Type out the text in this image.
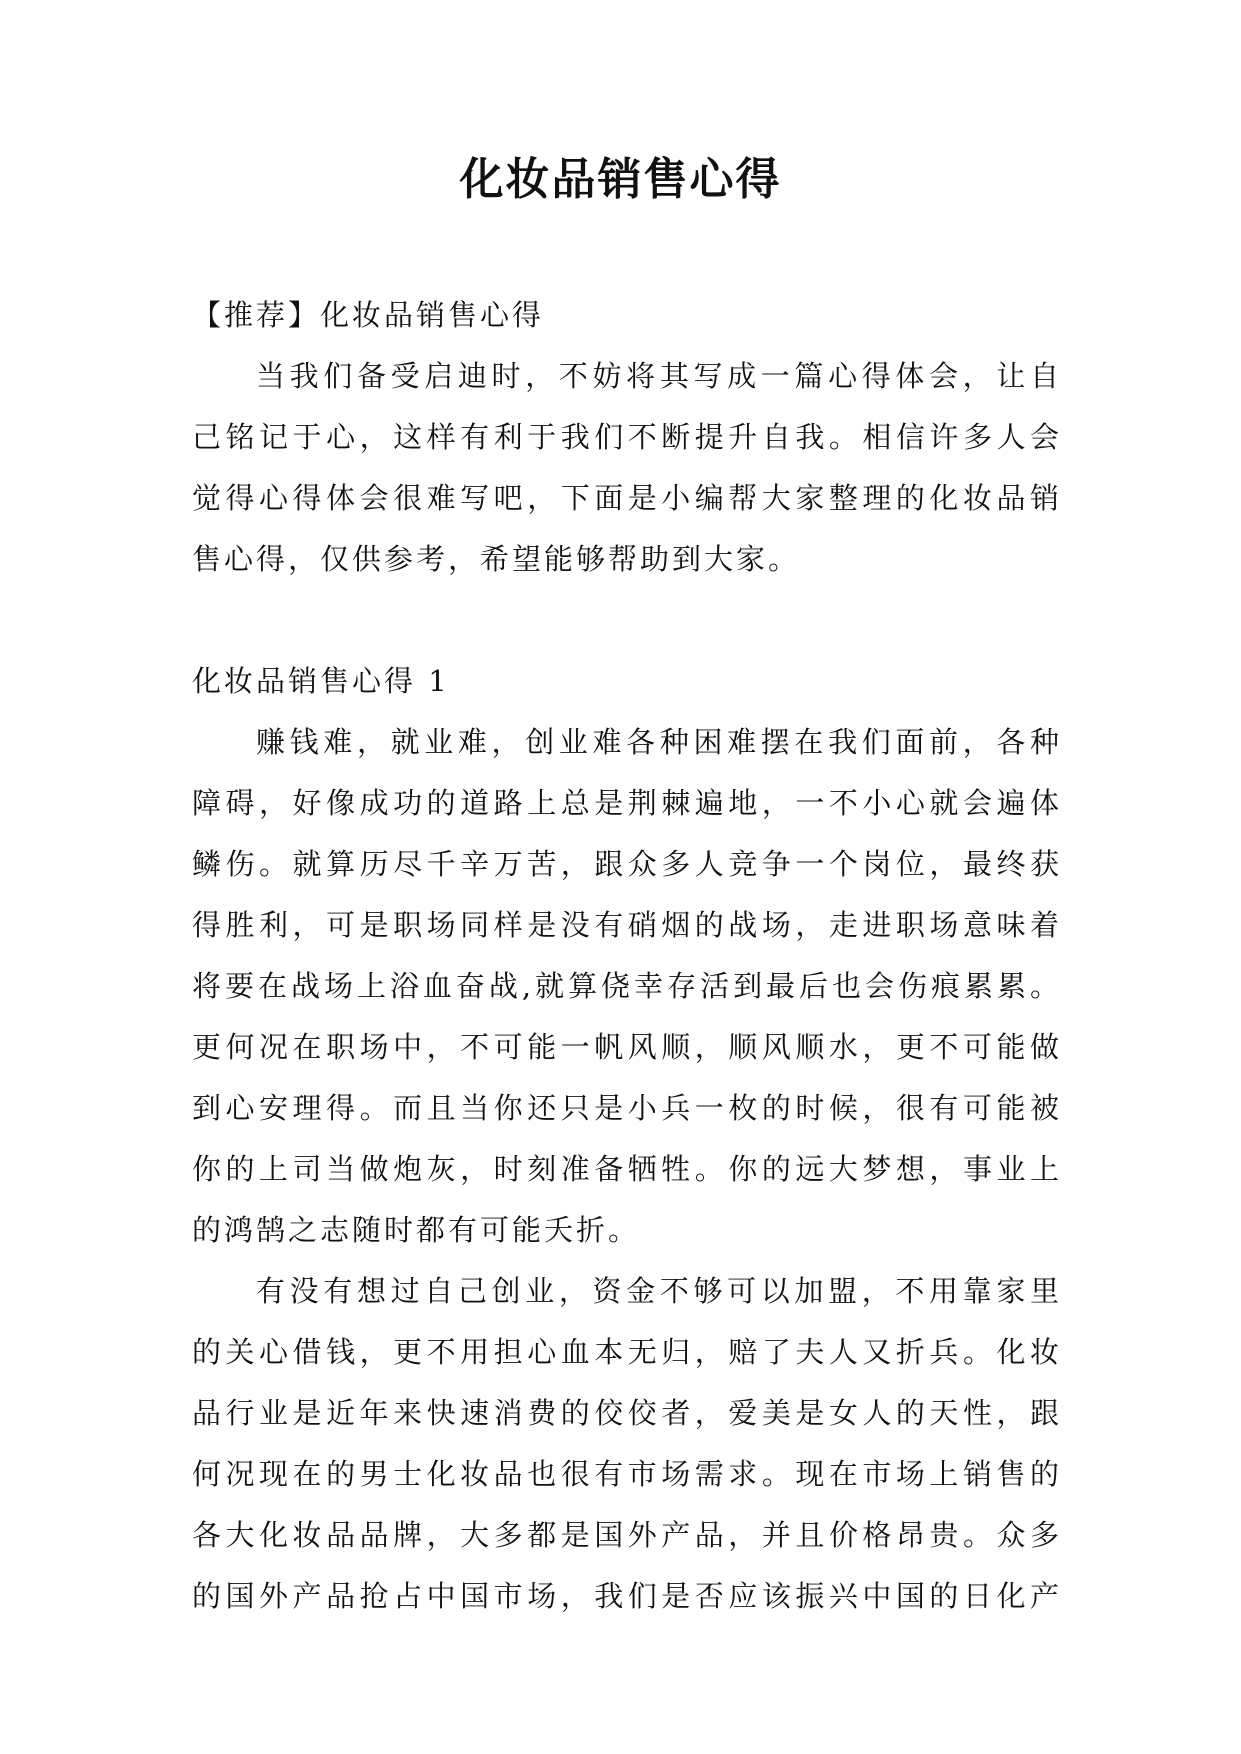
化妆品销售心得
【推荐】化妆品销售心得
当我们备受启迪时，不妨将其写成一篇心得体会，让自
己铭记于心，这样有利于我们不断提升自我。相信许多人会
觉得心得体会很难写吧，下面是小编帮大家整理的化妆品销
售心得，仅供参考，希望能够帮助到大家。
化妆品销售心得 1
赚钱难，就业难，创业难各种困难摆在我们面前，各种
障碍，好像成功的道路上总是荆棘遍地，一不小心就会遍体
鳞伤。就算历尽千辛万苦，跟众多人竞争一个岗位，最终获
得胜利，可是职场同样是没有硝烟的战场，走进职场意味着
将要在战场上浴血奋战,就算侥幸存活到最后也会伤痕累累。
更何况在职场中，不可能一帆风顺，顺风顺水，更不可能做
到心安理得。而且当你还只是小兵一枚的时候，很有可能被
你的上司当做炮灰，时刻准备牺牲。你的远大梦想，事业上
的鸿鹄之志随时都有可能夭折。
有没有想过自己创业，资金不够可以加盟，不用靠家里
的关心借钱，更不用担心血本无归，赔了夫人又折兵。化妆
品行业是近年来快速消费的佼佼者，爱美是女人的天性，跟
何况现在的男士化妆品也很有市场需求。现在市场上销售的
各大化妆品品牌，大多都是国外产品，并且价格昂贵。众多
的国外产品抢占中国市场，我们是否应该振兴中国的日化产
